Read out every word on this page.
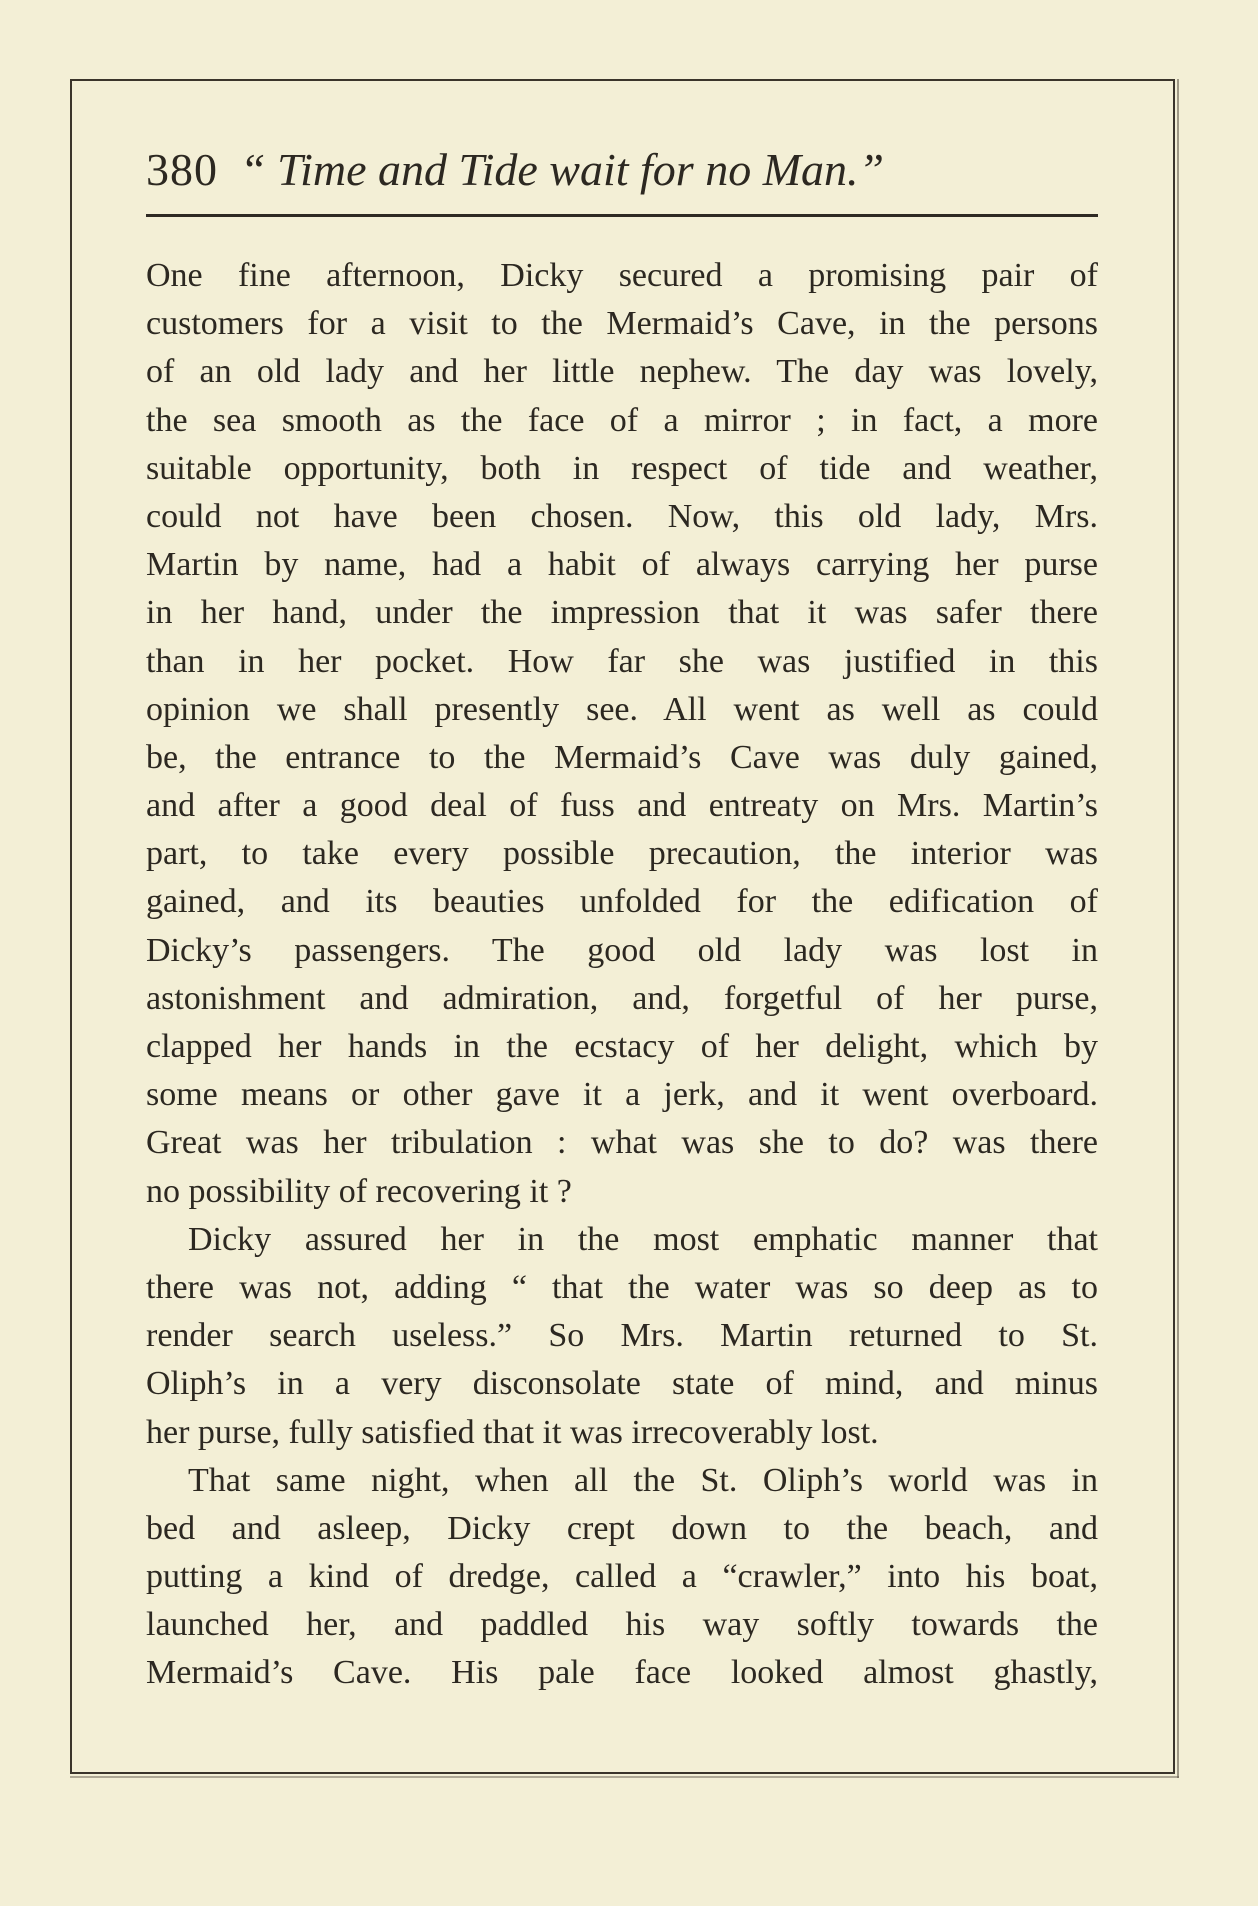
380 “ Time and Tide wait for no Man.”
One fine afternoon, Dicky secured a promising pair of
customers for a visit to the Mermaid’s Cave, in the persons
of an old lady and her little nephew. The day was lovely,
the sea smooth as the face of a mirror ; in fact, a more
suitable opportunity, both in respect of tide and weather,
could not have been chosen. Now, this old lady, Mrs.
Martin by name, had a habit of always carrying her purse
in her hand, under the impression that it was safer there
than in her pocket. How far she was justified in this
opinion we shall presently see. All went as well as could
be, the entrance to the Mermaid’s Cave was duly gained,
and after a good deal of fuss and entreaty on Mrs. Martin’s
part, to take every possible precaution, the interior was
gained, and its beauties unfolded for the edification of
Dicky’s passengers. The good old lady was lost in
astonishment and admiration, and, forgetful of her purse,
clapped her hands in the ecstacy of her delight, which by
some means or other gave it a jerk, and it went overboard.
Great was her tribulation : what was she to do? was there
no possibility of recovering it ?
Dicky assured her in the most emphatic manner that
there was not, adding “ that the water was so deep as to
render search useless.” So Mrs. Martin returned to St.
Oliph’s in a very disconsolate state of mind, and minus
her purse, fully satisfied that it was irrecoverably lost.
That same night, when all the St. Oliph’s world was in
bed and asleep, Dicky crept down to the beach, and
putting a kind of dredge, called a “crawler,” into his boat,
launched her, and paddled his way softly towards the
Mermaid’s Cave. His pale face looked almost ghastly,
